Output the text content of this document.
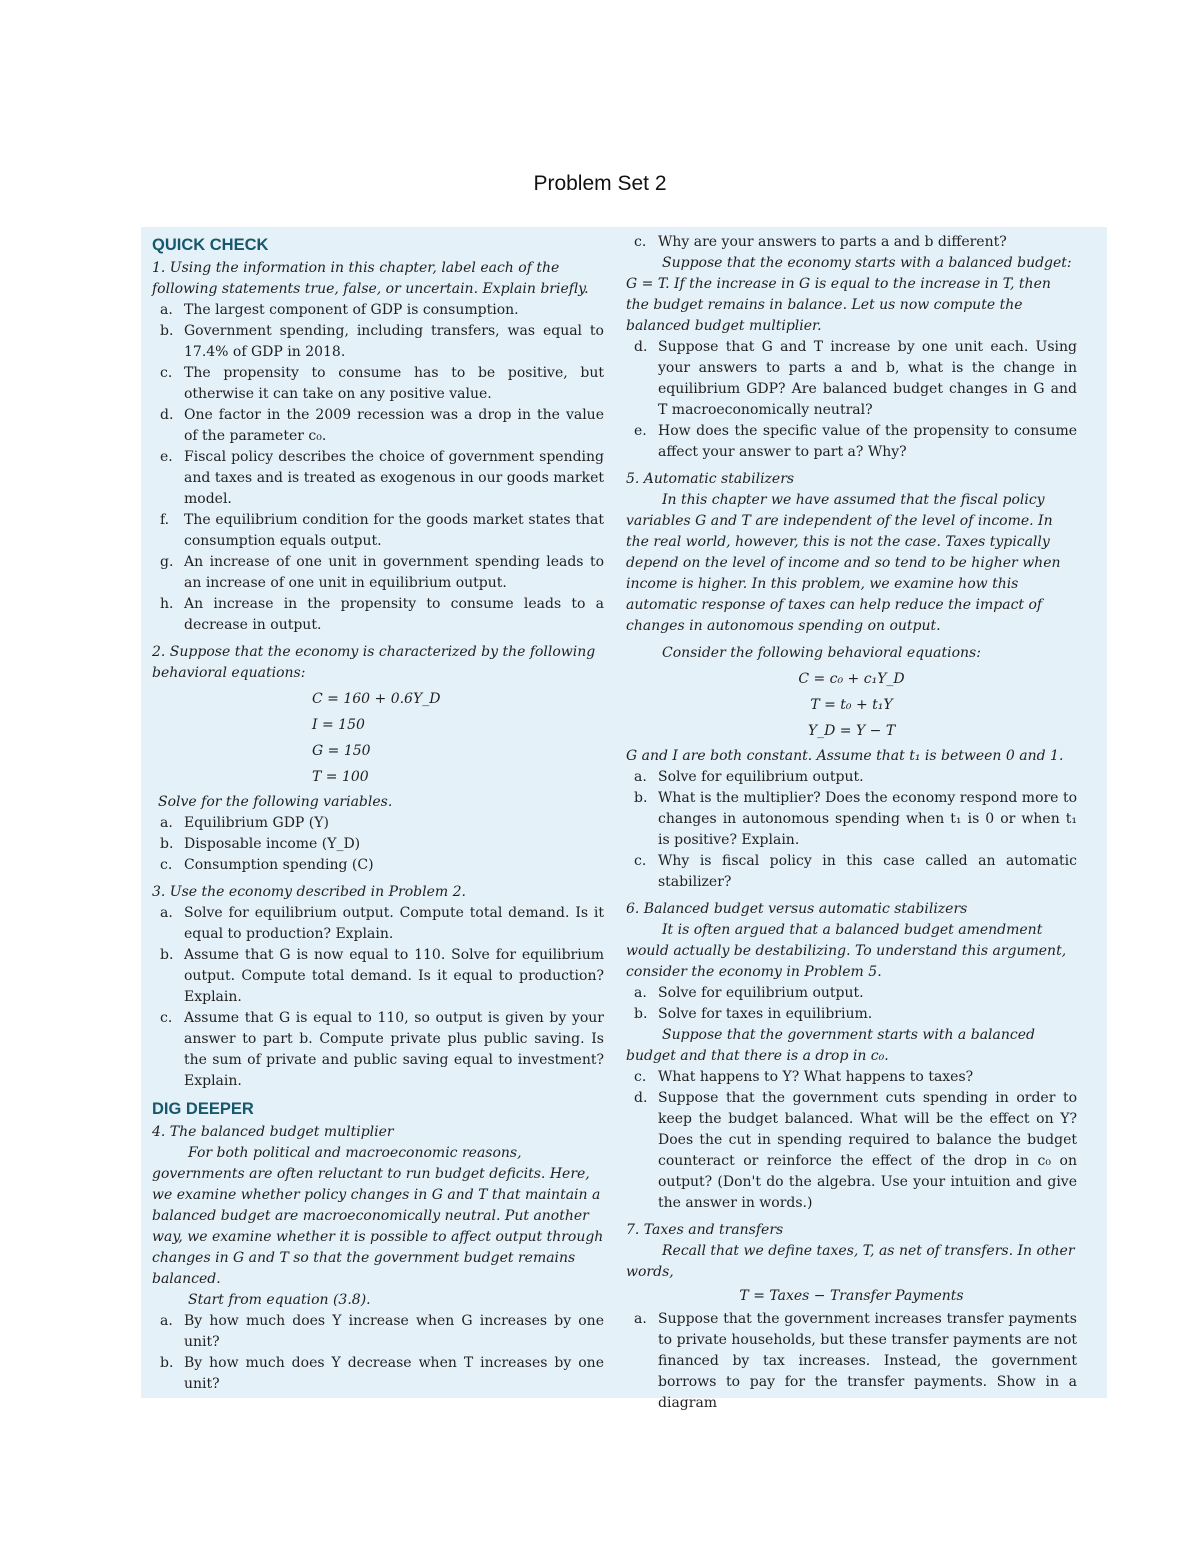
Problem Set 2
QUICK CHECK

1. Using the information in this chapter, label each of the following statements true, false, or uncertain. Explain briefly.

a. The largest component of GDP is consumption.
b. Government spending, including transfers, was equal to 17.4% of GDP in 2018.
c. The propensity to consume has to be positive, but otherwise it can take on any positive value.
d. One factor in the 2009 recession was a drop in the value of the parameter c₀.
e. Fiscal policy describes the choice of government spending and taxes and is treated as exogenous in our goods market model.
f. The equilibrium condition for the goods market states that consumption equals output.
g. An increase of one unit in government spending leads to an increase of one unit in equilibrium output.
h. An increase in the propensity to consume leads to a decrease in output.

2. Suppose that the economy is characterized by the following behavioral equations:

C = 160 + 0.6Y_D

I = 150

G = 150

T = 100

Solve for the following variables.

a. Equilibrium GDP (Y)
b. Disposable income (Y_D)
c. Consumption spending (C)

3. Use the economy described in Problem 2.

a. Solve for equilibrium output. Compute total demand. Is it equal to production? Explain.
b. Assume that G is now equal to 110. Solve for equilibrium output. Compute total demand. Is it equal to production? Explain.
c. Assume that G is equal to 110, so output is given by your answer to part b. Compute private plus public saving. Is the sum of private and public saving equal to investment? Explain.
DIG DEEPER

4. The balanced budget multiplier

For both political and macroeconomic reasons, governments are often reluctant to run budget deficits. Here, we examine whether policy changes in G and T that maintain a balanced budget are macroeconomically neutral. Put another way, we examine whether it is possible to affect output through changes in G and T so that the government budget remains balanced.

Start from equation (3.8).

a. By how much does Y increase when G increases by one unit?
b. By how much does Y decrease when T increases by one unit?
c. Why are your answers to parts a and b different?

Suppose that the economy starts with a balanced budget: G = T. If the increase in G is equal to the increase in T, then the budget remains in balance. Let us now compute the balanced budget multiplier.

d. Suppose that G and T increase by one unit each. Using your answers to parts a and b, what is the change in equilibrium GDP? Are balanced budget changes in G and T macroeconomically neutral?
e. How does the specific value of the propensity to consume affect your answer to part a? Why?

5. Automatic stabilizers

In this chapter we have assumed that the fiscal policy variables G and T are independent of the level of income. In the real world, however, this is not the case. Taxes typically depend on the level of income and so tend to be higher when income is higher. In this problem, we examine how this automatic response of taxes can help reduce the impact of changes in autonomous spending on output.

Consider the following behavioral equations:

C = c₀ + c₁Y_D

T = t₀ + t₁Y

Y_D = Y − T

G and I are both constant. Assume that t₁ is between 0 and 1.

a. Solve for equilibrium output.
b. What is the multiplier? Does the economy respond more to changes in autonomous spending when t₁ is 0 or when t₁ is positive? Explain.
c. Why is fiscal policy in this case called an automatic stabilizer?

6. Balanced budget versus automatic stabilizers

It is often argued that a balanced budget amendment would actually be destabilizing. To understand this argument, consider the economy in Problem 5.

a. Solve for equilibrium output.
b. Solve for taxes in equilibrium.

Suppose that the government starts with a balanced budget and that there is a drop in c₀.

c. What happens to Y? What happens to taxes?
d. Suppose that the government cuts spending in order to keep the budget balanced. What will be the effect on Y? Does the cut in spending required to balance the budget counteract or reinforce the effect of the drop in c₀ on output? (Don't do the algebra. Use your intuition and give the answer in words.)

7. Taxes and transfers

Recall that we define taxes, T, as net of transfers. In other words,

T = Taxes − Transfer Payments

a. Suppose that the government increases transfer payments to private households, but these transfer payments are not financed by tax increases. Instead, the government borrows to pay for the transfer payments. Show in a diagram
